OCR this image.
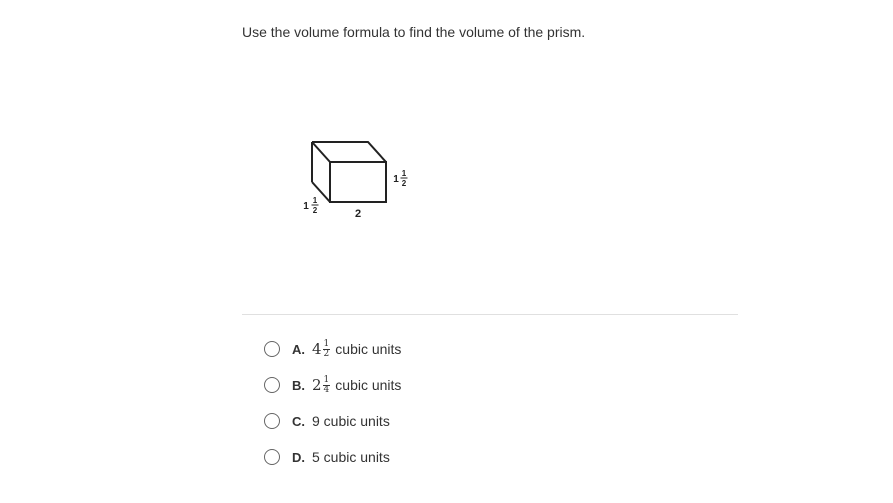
Use the volume formula to find the volume of the prism.
2
1
1
2
1
1
2
A. $4 \frac{1}{2}$ cubic units
B. $2 \frac{1}{4}$ cubic units
C. 9 cubic units
D. 5 cubic units
